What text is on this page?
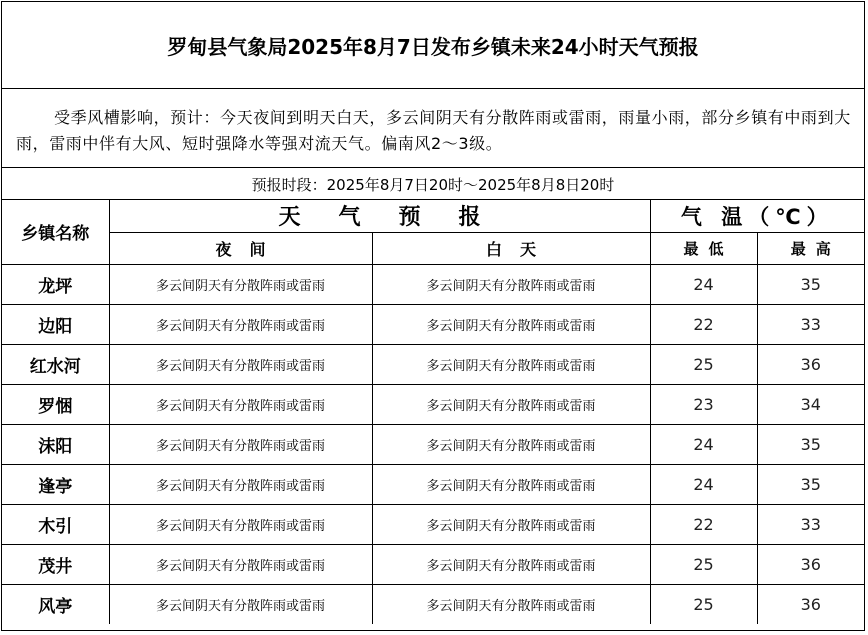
罗甸县气象局2025年8月7日发布乡镇未来24小时天气预报
受季风槽影响，预计：今天夜间到明天白天，多云间阴天有分散阵雨或雷雨，雨量小雨，部分乡镇有中雨到大雨，雷雨中伴有大风、短时强降水等强对流天气。偏南风2～3级。
预报时段：2025年8月7日20时～2025年8月8日20时
乡镇名称	天气预报		气 温（℃）	
	夜间	白天	最低	最高
龙坪	多云间阴天有分散阵雨或雷雨	多云间阴天有分散阵雨或雷雨	24	35
边阳	多云间阴天有分散阵雨或雷雨	多云间阴天有分散阵雨或雷雨	22	33
红水河	多云间阴天有分散阵雨或雷雨	多云间阴天有分散阵雨或雷雨	25	36
罗悃	多云间阴天有分散阵雨或雷雨	多云间阴天有分散阵雨或雷雨	23	34
沫阳	多云间阴天有分散阵雨或雷雨	多云间阴天有分散阵雨或雷雨	24	35
逢亭	多云间阴天有分散阵雨或雷雨	多云间阴天有分散阵雨或雷雨	24	35
木引	多云间阴天有分散阵雨或雷雨	多云间阴天有分散阵雨或雷雨	22	33
茂井	多云间阴天有分散阵雨或雷雨	多云间阴天有分散阵雨或雷雨	25	36
风亭	多云间阴天有分散阵雨或雷雨	多云间阴天有分散阵雨或雷雨	25	36
